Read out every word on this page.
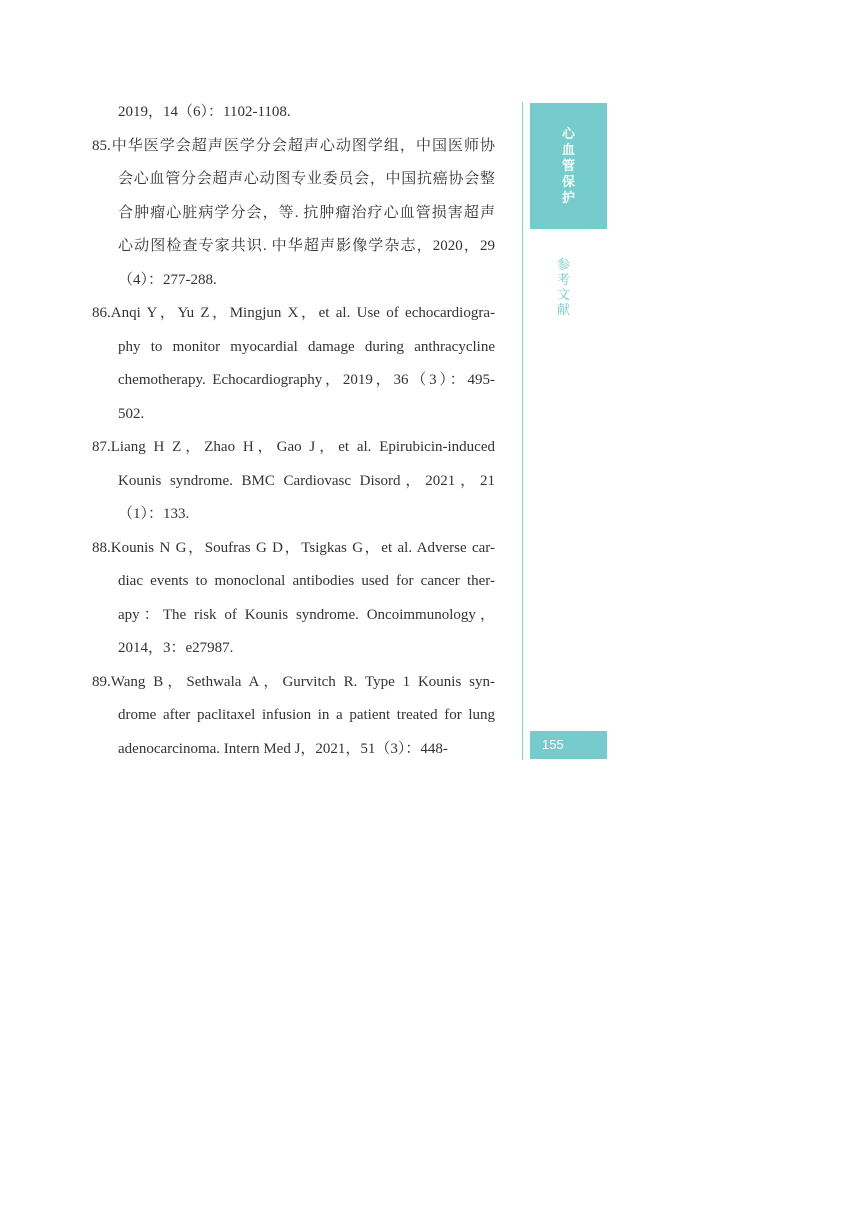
2019，14（6）：1102-1108.
85.中华医学会超声医学分会超声心动图学组，中国医师协
会心血管分会超声心动图专业委员会，中国抗癌协会整
合肿瘤心脏病学分会，等. 抗肿瘤治疗心血管损害超声
心动图检查专家共识. 中华超声影像学杂志，2020，29
（4）：277-288.
86.Anqi Y，Yu Z，Mingjun X，et al. Use of echocardiogra-
phy to monitor myocardial damage during anthracycline
chemotherapy. Echocardiography，2019，36（3）：495-
502.
87.Liang H Z，Zhao H，Gao J，et al. Epirubicin-induced
Kounis syndrome. BMC Cardiovasc Disord，2021，21
（1）：133.
88.Kounis N G，Soufras G D，Tsigkas G，et al. Adverse car-
diac events to monoclonal antibodies used for cancer ther-
apy：The risk of Kounis syndrome. Oncoimmunology，
2014，3：e27987.
89.Wang B，Sethwala A，Gurvitch R. Type 1 Kounis syn-
drome after paclitaxel infusion in a patient treated for lung
adenocarcinoma. Intern Med J，2021，51（3）：448-
心
血
管
保
护
参
考
文
献
155
